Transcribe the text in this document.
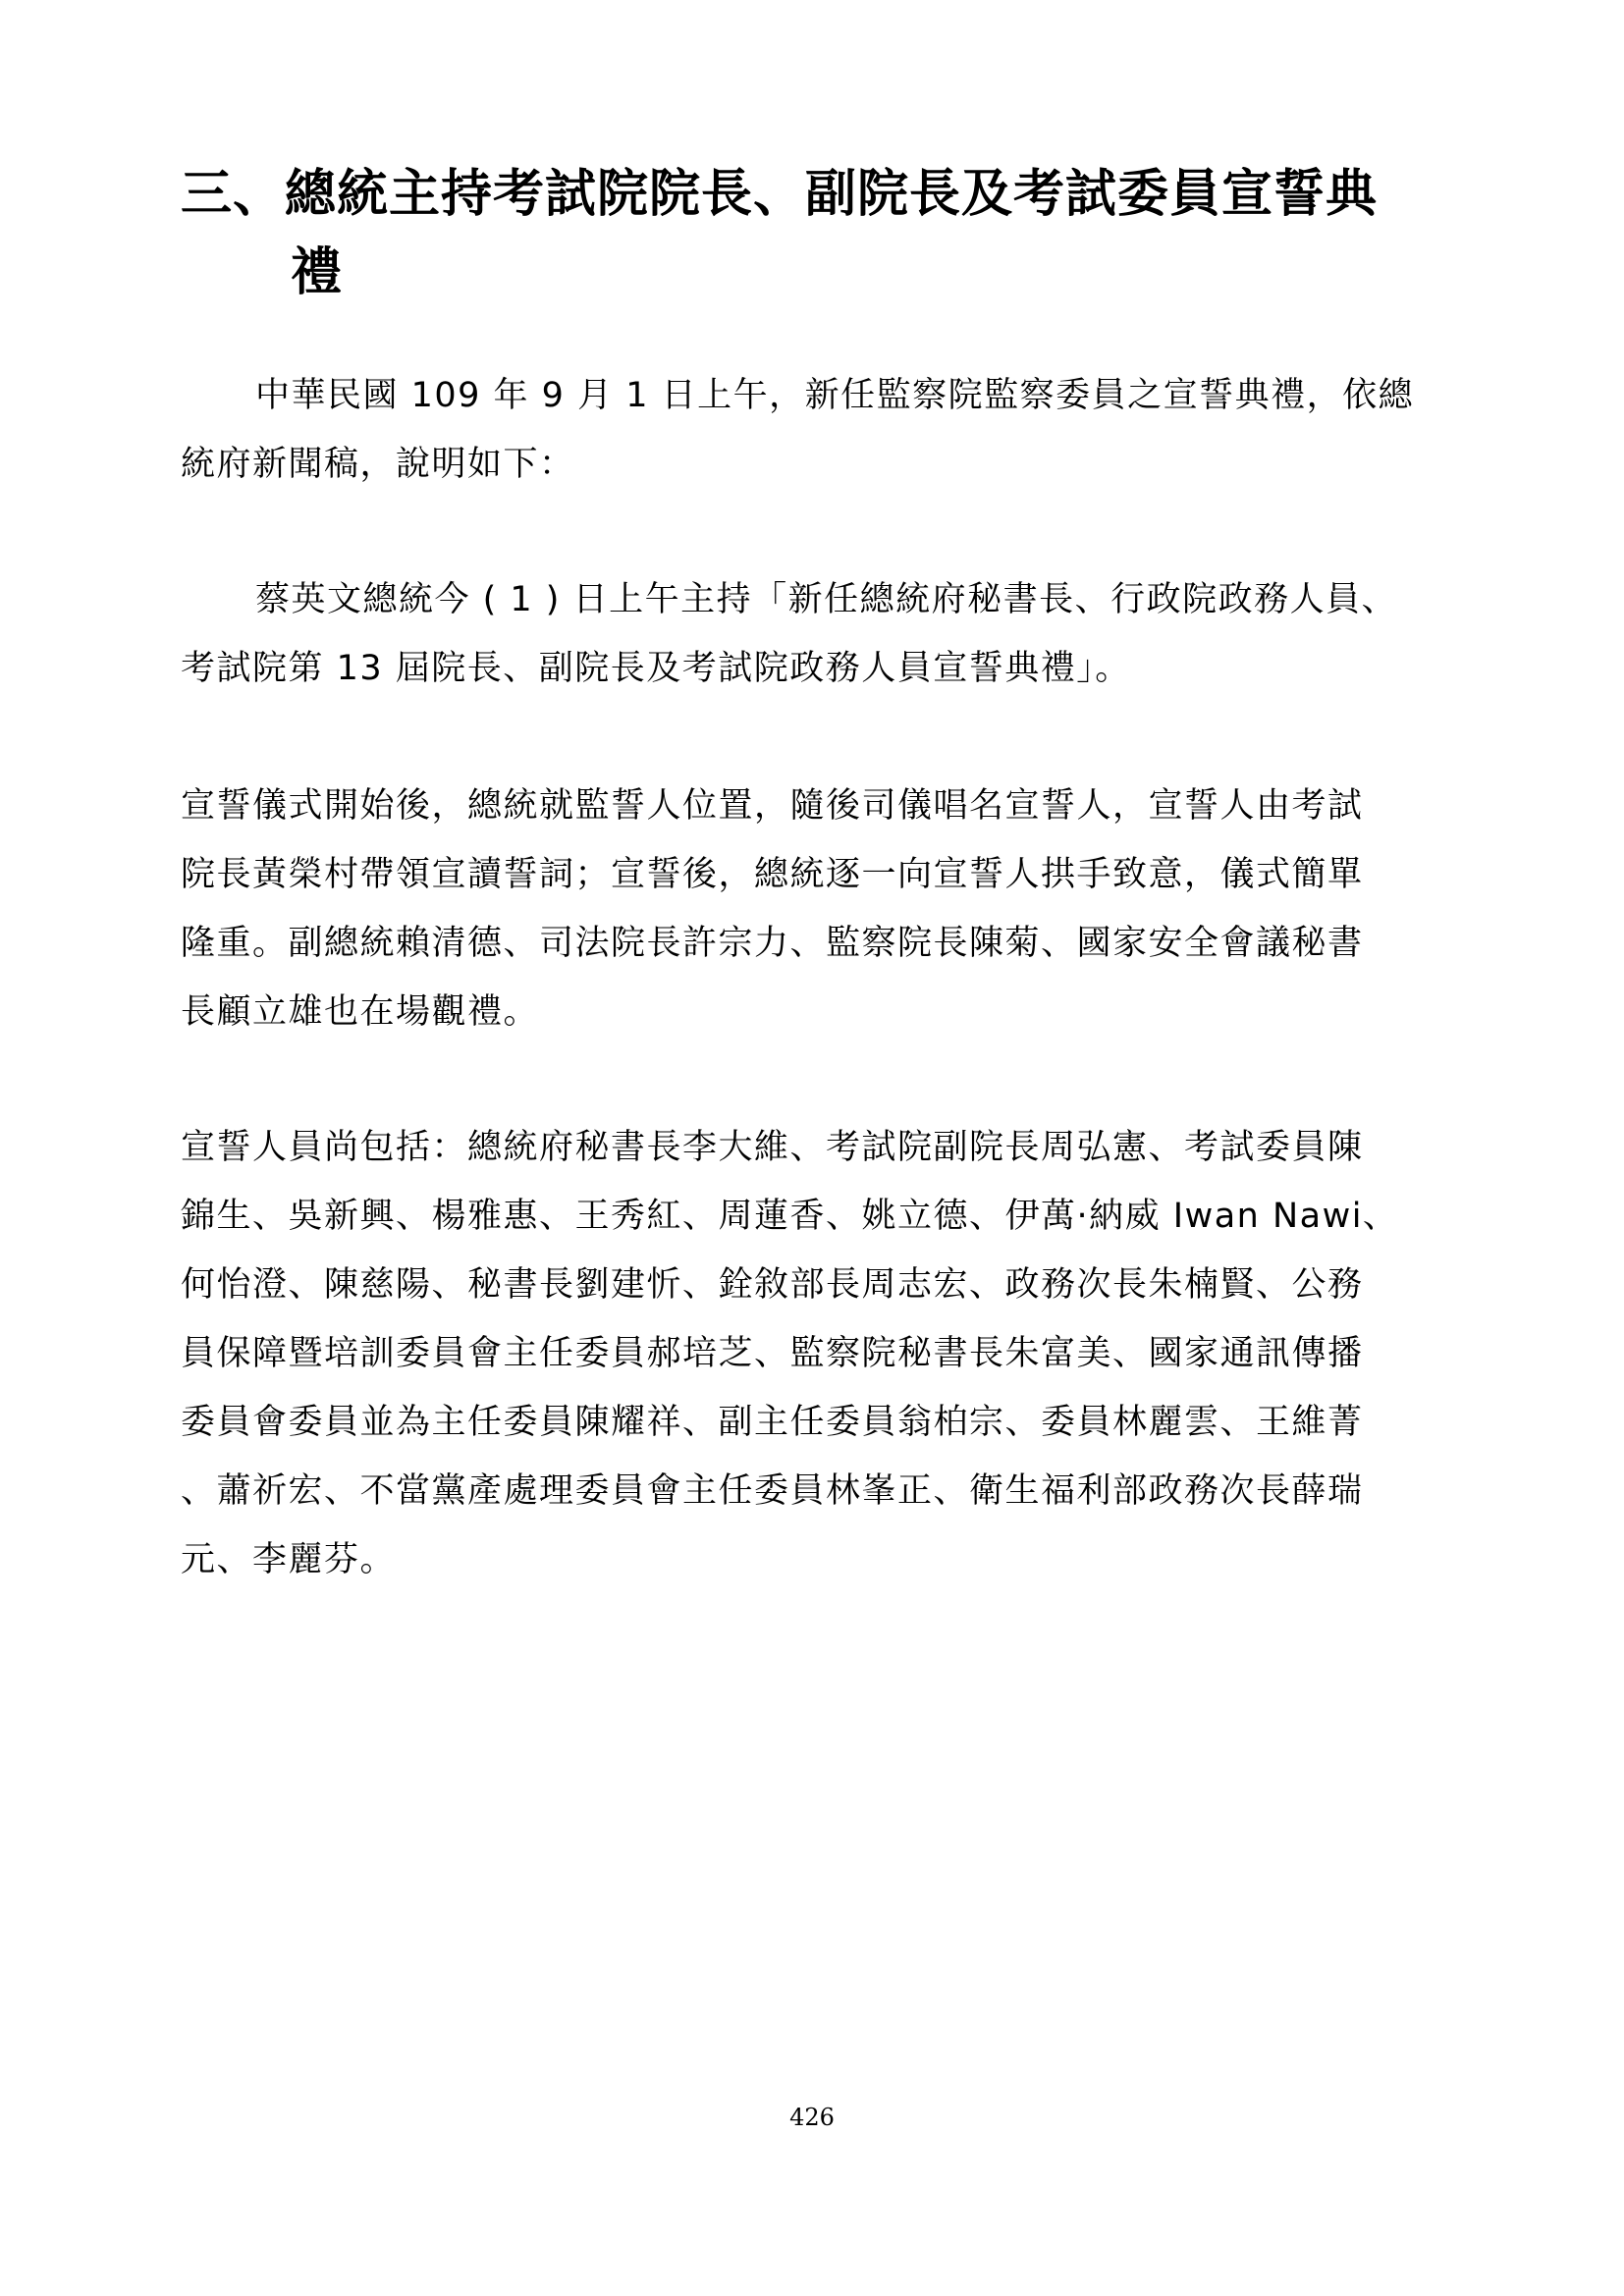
三、總統主持考試院院長、副院長及考試委員宣誓典
禮
中華民國 109 年 9 月 1 日上午，新任監察院監察委員之宣誓典禮，依總
統府新聞稿，說明如下：
蔡英文總統今 ( 1 ) 日上午主持「新任總統府秘書長、行政院政務人員、
考試院第 13 屆院長、副院長及考試院政務人員宣誓典禮」。
宣誓儀式開始後，總統就監誓人位置，隨後司儀唱名宣誓人，宣誓人由考試
院長黃榮村帶領宣讀誓詞；宣誓後，總統逐一向宣誓人拱手致意，儀式簡單
隆重。副總統賴清德、司法院長許宗力、監察院長陳菊、國家安全會議秘書
長顧立雄也在場觀禮。
宣誓人員尚包括：總統府秘書長李大維、考試院副院長周弘憲、考試委員陳
錦生、吳新興、楊雅惠、王秀紅、周蓮香、姚立德、伊萬·納威 Iwan Nawi、
何怡澄、陳慈陽、秘書長劉建忻、銓敘部長周志宏、政務次長朱楠賢、公務
員保障暨培訓委員會主任委員郝培芝、監察院秘書長朱富美、國家通訊傳播
委員會委員並為主任委員陳耀祥、副主任委員翁柏宗、委員林麗雲、王維菁
、蕭祈宏、不當黨產處理委員會主任委員林峯正、衛生福利部政務次長薛瑞
元、李麗芬。
426
